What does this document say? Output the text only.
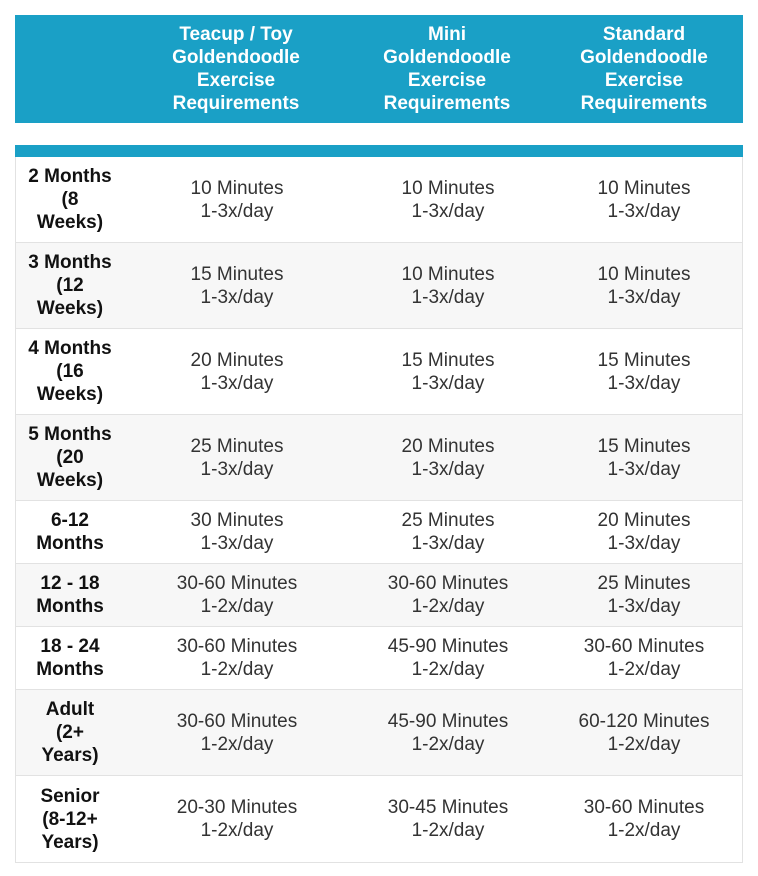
Teacup / Toy
Goldendoodle
Exercise
Requirements
Mini
Goldendoodle
Exercise
Requirements
Standard
Goldendoodle
Exercise
Requirements
2 Months
(8
Weeks)
10 Minutes
1-3x/day
10 Minutes
1-3x/day
10 Minutes
1-3x/day
3 Months
(12
Weeks)
15 Minutes
1-3x/day
10 Minutes
1-3x/day
10 Minutes
1-3x/day
4 Months
(16
Weeks)
20 Minutes
1-3x/day
15 Minutes
1-3x/day
15 Minutes
1-3x/day
5 Months
(20
Weeks)
25 Minutes
1-3x/day
20 Minutes
1-3x/day
15 Minutes
1-3x/day
6-12
Months
30 Minutes
1-3x/day
25 Minutes
1-3x/day
20 Minutes
1-3x/day
12 - 18
Months
30-60 Minutes
1-2x/day
30-60 Minutes
1-2x/day
25 Minutes
1-3x/day
18 - 24
Months
30-60 Minutes
1-2x/day
45-90 Minutes
1-2x/day
30-60 Minutes
1-2x/day
Adult
(2+
Years)
30-60 Minutes
1-2x/day
45-90 Minutes
1-2x/day
60-120 Minutes
1-2x/day
Senior
(8-12+
Years)
20-30 Minutes
1-2x/day
30-45 Minutes
1-2x/day
30-60 Minutes
1-2x/day
